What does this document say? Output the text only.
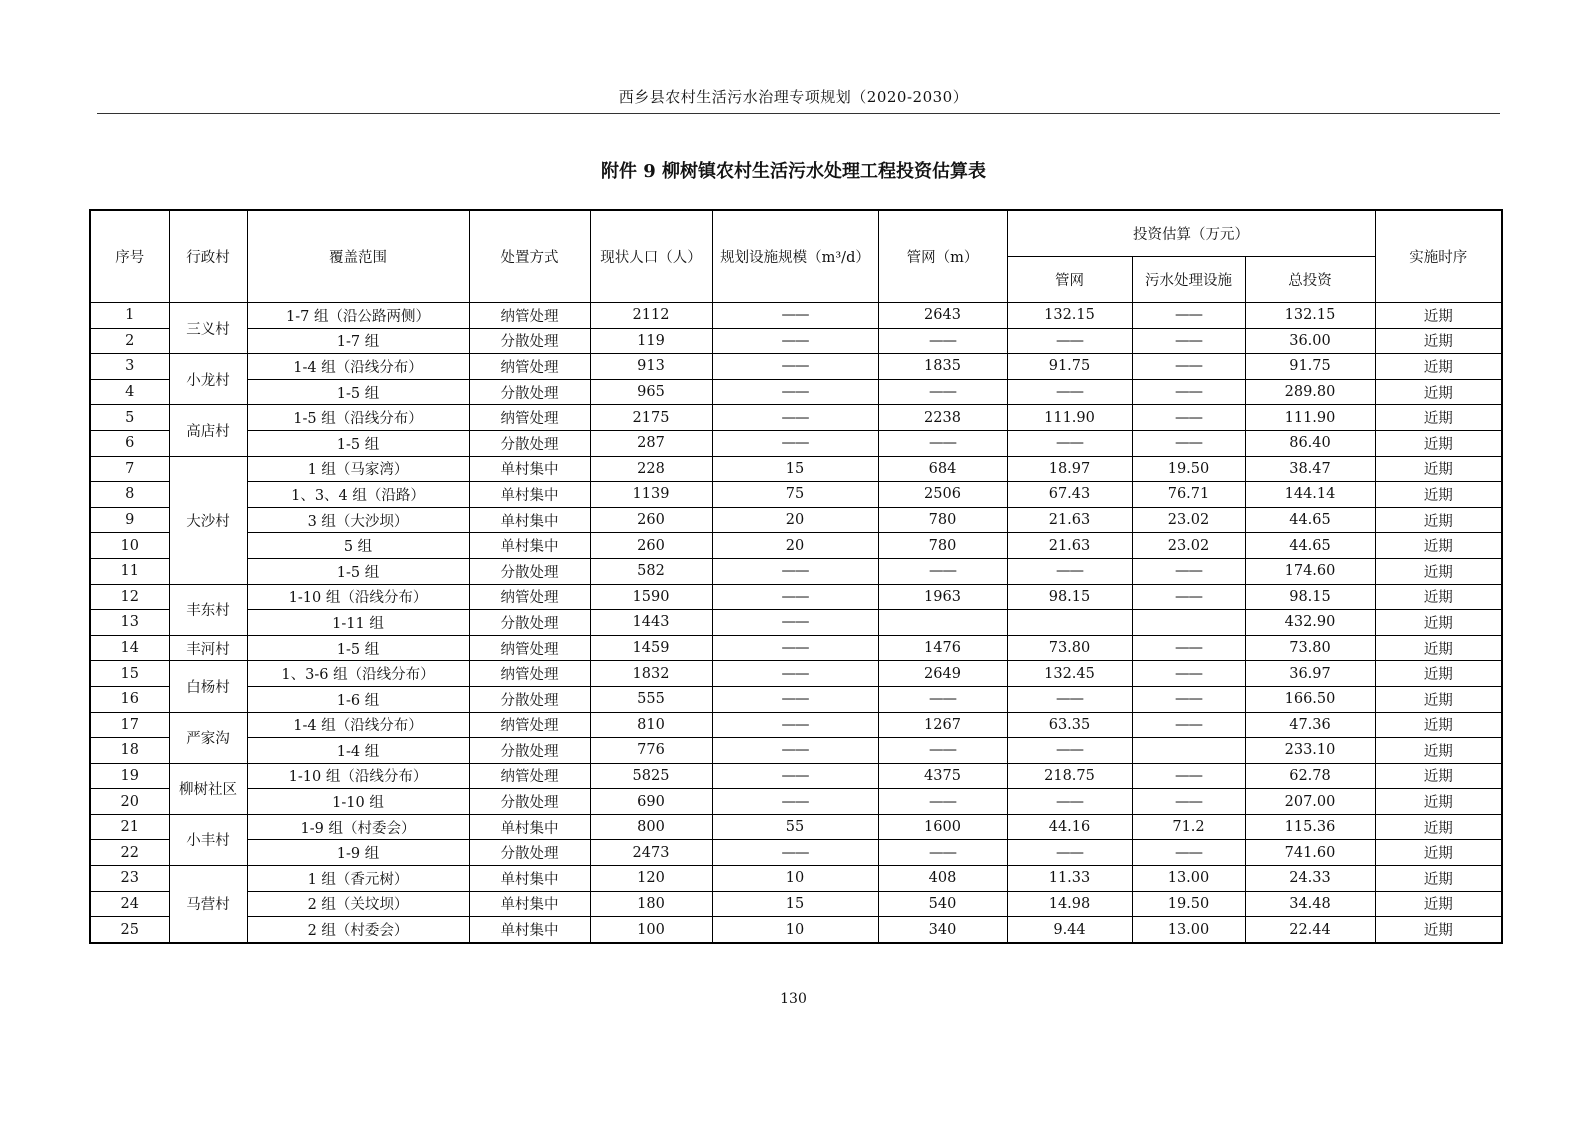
西乡县农村生活污水治理专项规划（2020-2030）
附件 9 柳树镇农村生活污水处理工程投资估算表
序号	行政村	覆盖范围	处置方式	现状人口（人）	规划设施规模（m³/d）	管网（m）	投资估算（万元）			实施时序
							管网	污水处理设施	总投资	
1	三义村	1-7 组（沿公路两侧）	纳管处理	2112	——	2643	132.15	——	132.15	近期
2		1-7 组	分散处理	119	——	——	——	——	36.00	近期
3	小龙村	1-4 组（沿线分布）	纳管处理	913	——	1835	91.75	——	91.75	近期
4		1-5 组	分散处理	965	——	——	——	——	289.80	近期
5	高店村	1-5 组（沿线分布）	纳管处理	2175	——	2238	111.90	——	111.90	近期
6		1-5 组	分散处理	287	——	——	——	——	86.40	近期
7	大沙村	1 组（马家湾）	单村集中	228	15	684	18.97	19.50	38.47	近期
8		1、3、4 组（沿路）	单村集中	1139	75	2506	67.43	76.71	144.14	近期
9		3 组（大沙坝）	单村集中	260	20	780	21.63	23.02	44.65	近期
10		5 组	单村集中	260	20	780	21.63	23.02	44.65	近期
11		1-5 组	分散处理	582	——	——	——	——	174.60	近期
12	丰东村	1-10 组（沿线分布）	纳管处理	1590	——	1963	98.15	——	98.15	近期
13		1-11 组	分散处理	1443	——				432.90	近期
14	丰河村	1-5 组	纳管处理	1459	——	1476	73.80	——	73.80	近期
15	白杨村	1、3-6 组（沿线分布）	纳管处理	1832	——	2649	132.45	——	36.97	近期
16		1-6 组	分散处理	555	——	——	——	——	166.50	近期
17	严家沟	1-4 组（沿线分布）	纳管处理	810	——	1267	63.35	——	47.36	近期
18		1-4 组	分散处理	776	——	——	——		233.10	近期
19	柳树社区	1-10 组（沿线分布）	纳管处理	5825	——	4375	218.75	——	62.78	近期
20		1-10 组	分散处理	690	——	——	——	——	207.00	近期
21	小丰村	1-9 组（村委会）	单村集中	800	55	1600	44.16	71.2	115.36	近期
22		1-9 组	分散处理	2473	——	——	——	——	741.60	近期
23	马营村	1 组（香元树）	单村集中	120	10	408	11.33	13.00	24.33	近期
24		2 组（关坟坝）	单村集中	180	15	540	14.98	19.50	34.48	近期
25		2 组（村委会）	单村集中	100	10	340	9.44	13.00	22.44	近期
130
